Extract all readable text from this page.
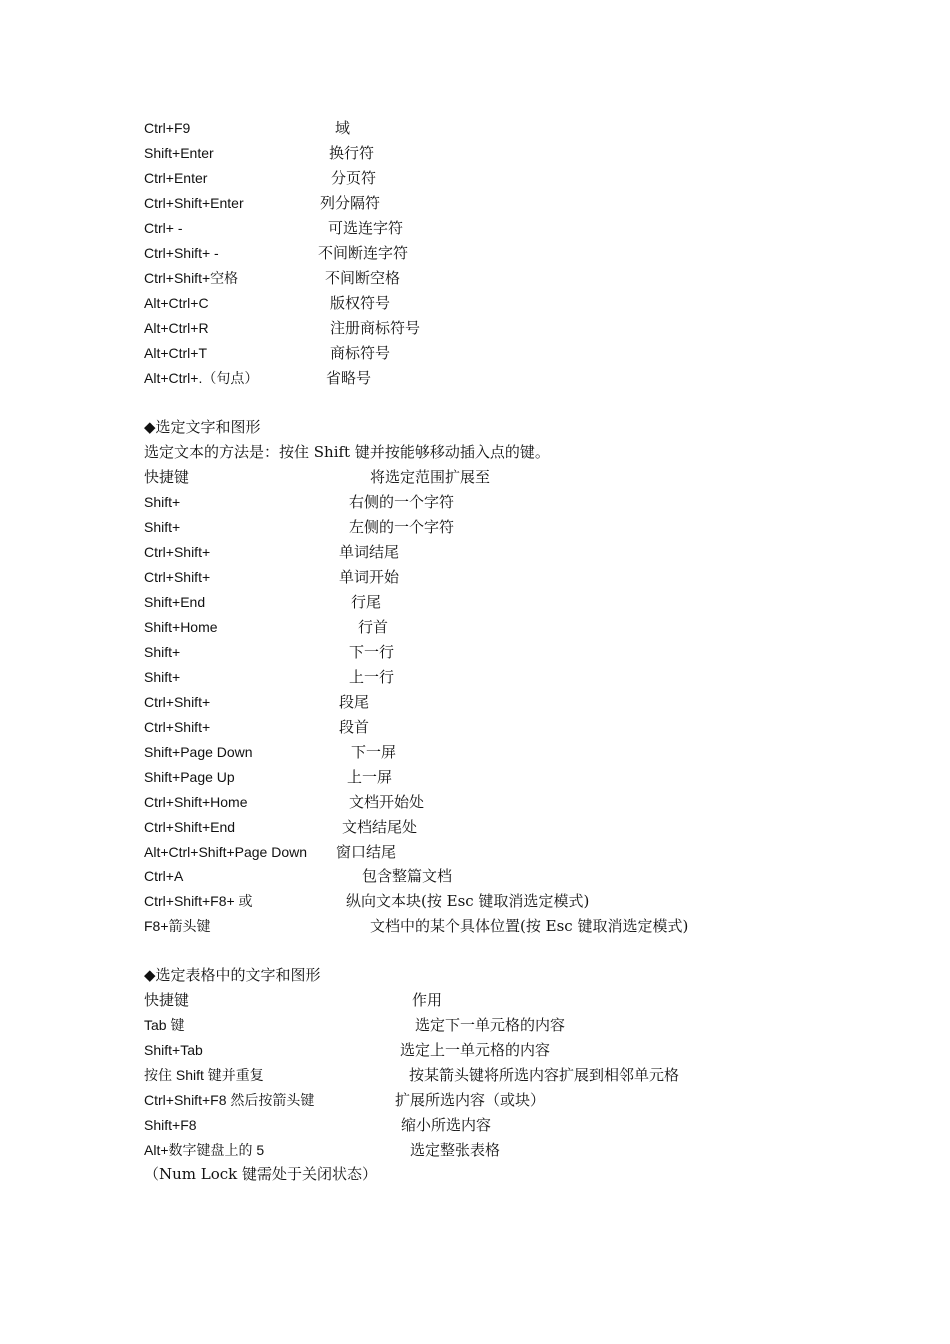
Ctrl+F9	域
Shift+Enter	换行符
Ctrl+Enter	分页符
Ctrl+Shift+Enter	列分隔符
Ctrl+ -	可选连字符
Ctrl+Shift+ -	不间断连字符
Ctrl+Shift+空格	不间断空格
Alt+Ctrl+C	版权符号
Alt+Ctrl+R	注册商标符号
Alt+Ctrl+T	商标符号
Alt+Ctrl+.（句点）	省略号
◆选定文字和图形
选定文本的方法是：按住 Shift 键并按能够移动插入点的键。
快捷键	将选定范围扩展至
Shift+	右侧的一个字符
Shift+	左侧的一个字符
Ctrl+Shift+	单词结尾
Ctrl+Shift+	单词开始
Shift+End	行尾
Shift+Home	行首
Shift+	下一行
Shift+	上一行
Ctrl+Shift+	段尾
Ctrl+Shift+	段首
Shift+Page Down	下一屏
Shift+Page Up	上一屏
Ctrl+Shift+Home	文档开始处
Ctrl+Shift+End	文档结尾处
Alt+Ctrl+Shift+Page Down 窗口结尾
Ctrl+A	包含整篇文档
Ctrl+Shift+F8+ 或	纵向文本块(按 Esc 键取消选定模式)
F8+箭头键	文档中的某个具体位置(按 Esc 键取消选定模式)
◆选定表格中的文字和图形
快捷键	作用
Tab 键	选定下一单元格的内容
Shift+Tab	选定上一单元格的内容
按住 Shift 键并重复	按某箭头键将所选内容扩展到相邻单元格
Ctrl+Shift+F8 然后按箭头键	扩展所选内容（或块）
Shift+F8	缩小所选内容
Alt+数字键盘上的 5	选定整张表格
（Num Lock 键需处于关闭状态）
